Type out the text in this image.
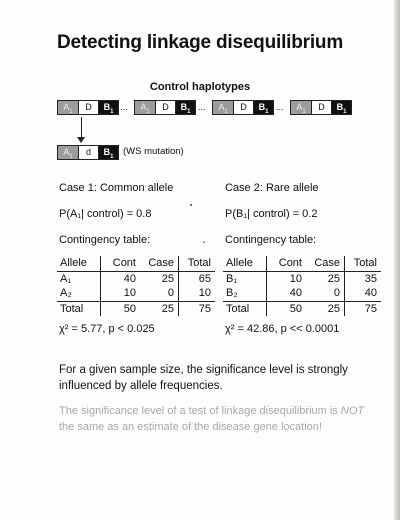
Detecting linkage disequilibrium
Control haplotypes
$A_1$	D	$B_1$ ...	$A_1$	D	$B_1$ ...	$A_1$	D	$B_1$ ...	$A_1$	D	$B_1$
$A_1$	d	$B_1$	(WS mutation)
Case 1: Common allele
P(A₁| control) = 0.8
Contingency table:
Allele	Cont	Case	Total
A₁	40	25	65
A₂	10	0	10
Total	50	25	75
χ² = 5.77, p < 0.025
Case 2: Rare allele
P(B₁| control) = 0.2
Contingency table:
Allele	Cont	Case	Total
B₁	10	25	35
B₂	40	0	40
Total	50	25	75
χ² = 42.86, p << 0.0001
For a given sample size, the significance level is strongly influenced by allele frequencies.
The significance level of a test of linkage disequilibrium is NOT the same as an estimate of the disease gene location!
